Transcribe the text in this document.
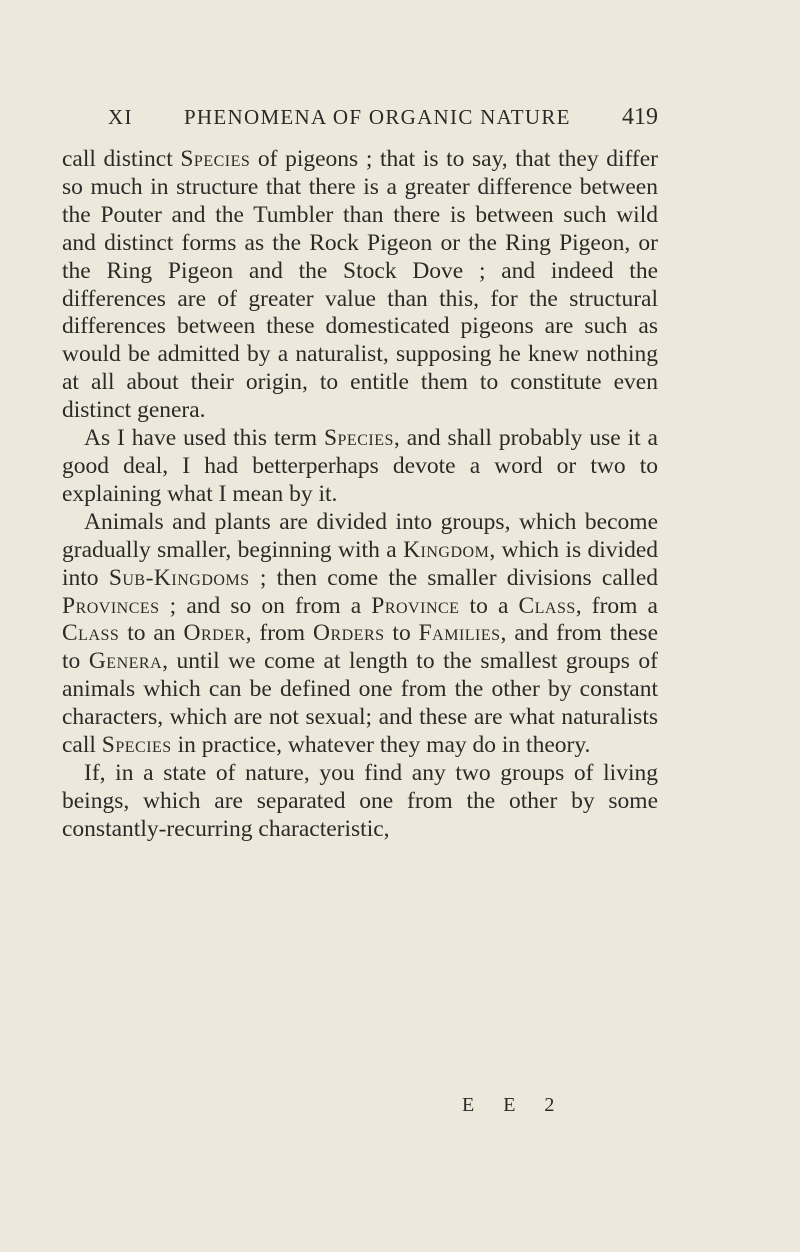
XI PHENOMENA OF ORGANIC NATURE 419

call distinct Species of pigeons ; that is to say, that they differ so much in structure that there is a greater difference between the Pouter and the Tumbler than there is between such wild and distinct forms as the Rock Pigeon or the Ring Pigeon, or the Ring Pigeon and the Stock Dove ; and indeed the differences are of greater value than this, for the structural differences between these domesticated pigeons are such as would be admitted by a naturalist, supposing he knew nothing at all about their origin, to entitle them to constitute even distinct genera.

As I have used this term Species, and shall probably use it a good deal, I had betterperhaps devote a word or two to explaining what I mean by it.

Animals and plants are divided into groups, which become gradually smaller, beginning with a Kingdom, which is divided into Sub-Kingdoms ; then come the smaller divisions called Provinces ; and so on from a Province to a Class, from a Class to an Order, from Orders to Families, and from these to Genera, until we come at length to the smallest groups of animals which can be defined one from the other by constant characters, which are not sexual; and these are what naturalists call Species in practice, whatever they may do in theory.

If, in a state of nature, you find any two groups of living beings, which are separated one from the other by some constantly-recurring characteristic,

E E 2
